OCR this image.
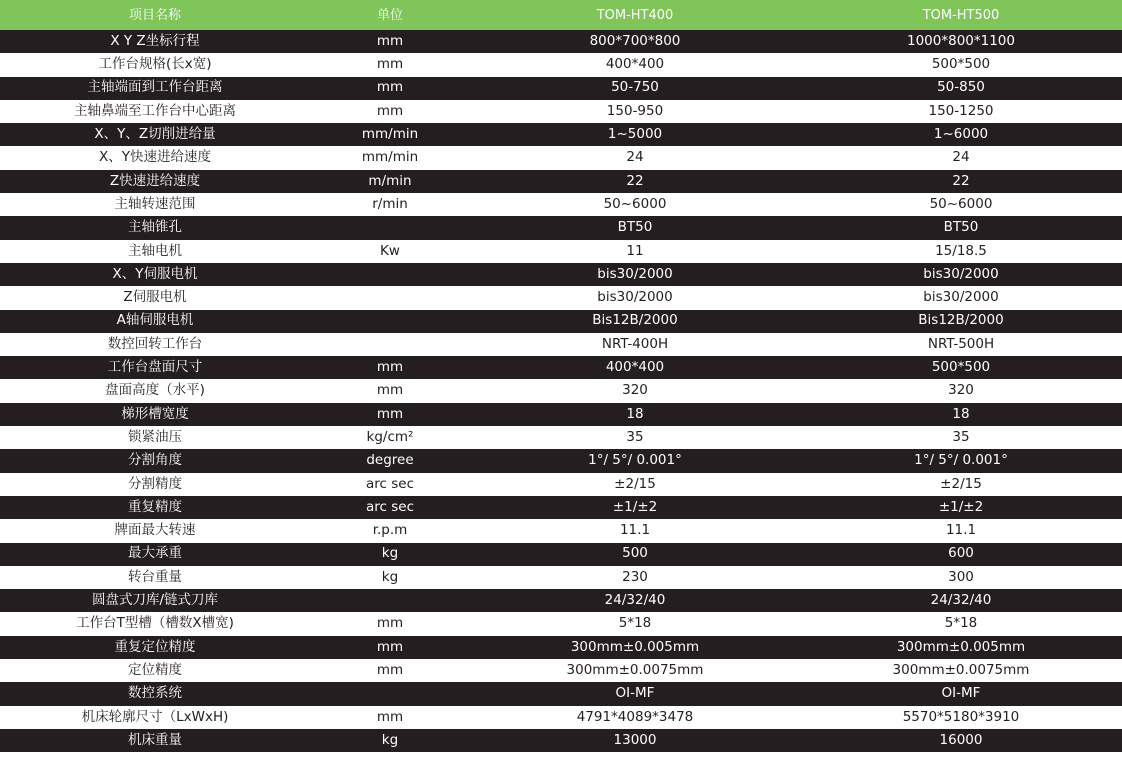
项目名称	单位	TOM-HT400	TOM-HT500
X Y Z坐标行程	mm	800*700*800	1000*800*1100
工作台规格(长x宽)	mm	400*400	500*500
主轴端面到工作台距离	mm	50-750	50-850
主轴鼻端至工作台中心距离	mm	150-950	150-1250
X、Y、Z切削进给量	mm/min	1~5000	1~6000
X、Y快速进给速度	mm/min	24	24
Z快速进给速度	m/min	22	22
主轴转速范围	r/min	50~6000	50~6000
主轴锥孔		BT50	BT50
主轴电机	Kw	11	15/18.5
X、Y伺服电机		bis30/2000	bis30/2000
Z伺服电机		bis30/2000	bis30/2000
A轴伺服电机		Bis12B/2000	Bis12B/2000
数控回转工作台		NRT-400H	NRT-500H
工作台盘面尺寸	mm	400*400	500*500
盘面高度（水平)	mm	320	320
梯形槽宽度	mm	18	18
锁紧油压	kg/cm²	35	35
分割角度	degree	1°/ 5°/ 0.001°	1°/ 5°/ 0.001°
分割精度	arc sec	±2/15	±2/15
重复精度	arc sec	±1/±2	±1/±2
牌面最大转速	r.p.m	11.1	11.1
最大承重	kg	500	600
转台重量	kg	230	300
圆盘式刀库/链式刀库		24/32/40	24/32/40
工作台T型槽（槽数X槽宽)	mm	5*18	5*18
重复定位精度	mm	300mm±0.005mm	300mm±0.005mm
定位精度	mm	300mm±0.0075mm	300mm±0.0075mm
数控系统		OI-MF	OI-MF
机床轮廓尺寸（LxWxH)	mm	4791*4089*3478	5570*5180*3910
机床重量	kg	13000	16000
